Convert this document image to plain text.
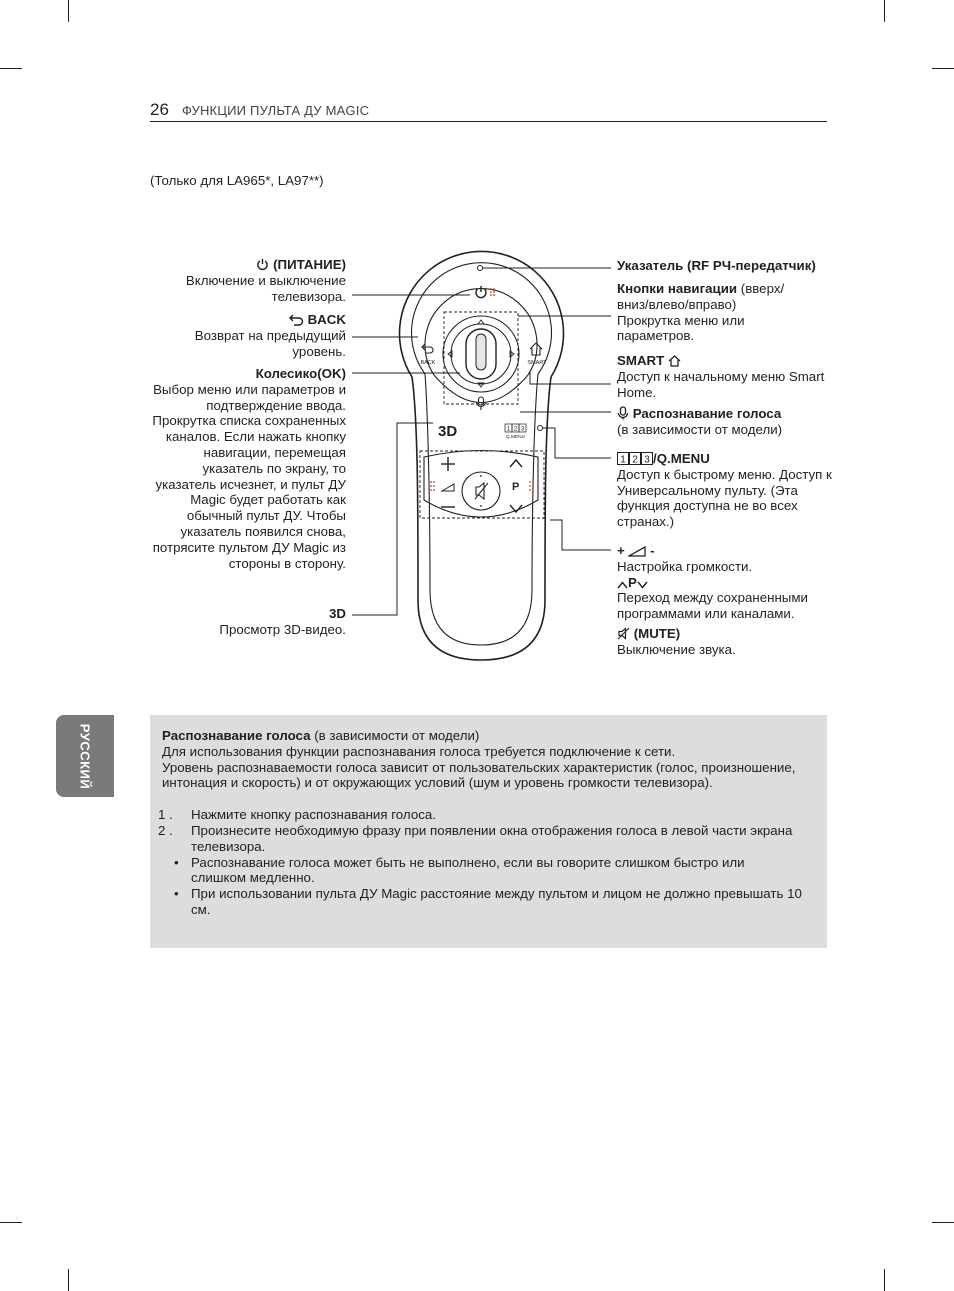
26 ФУНКЦИИ ПУЛЬТА ДУ MAGIC
(Только для LA965*, LA97**)
(ПИТАНИЕ)
Включение и выключение телевизора.
BACK
Возврат на предыдущий уровень.
Колесико(OK)
Выбор меню или параметров и подтверждение ввода. Прокрутка списка сохраненных каналов. Если нажать кнопку навигации, перемещая указатель по экрану, то указатель исчезнет, и пульт ДУ Magic будет работать как обычный пульт ДУ. Чтобы указатель появился снова, потрясите пультом ДУ Magic из стороны в сторону.
3D
Просмотр 3D-видео.
Указатель (RF РЧ-передатчик)
Кнопки навигации (вверх/ вниз/влево/вправо)
Прокрутка меню или параметров.
SMART
Доступ к начальному меню Smart Home.
Распознавание голоса
(в зависимости от модели)
1 2 3 /Q.MENU
Доступ к быстрому меню. Доступ к Универсальному пульту. (Эта функция доступна не во всех странах.)
+ -
Настройка громкости.
P
Переход между сохраненными программами или каналами.
(MUTE)
Выключение звука.
BACK	SMART
3D	1 2 3
Q.MENU
P
РУССКИЙ	Распознавание голоса (в зависимости от модели)

Для использования функции распознавания голоса требуется подключение к сети.

Уровень распознаваемости голоса зависит от пользовательских характеристик (голос, произношение, интонация и скорость) и от окружающих условий (шум и уровень громкости телевизора).

1 . Нажмите кнопку распознавания голоса.
2 . Произнесите необходимую фразу при появлении окна отображения голоса в левой части экрана телевизора.
• Распознавание голоса может быть не выполнено, если вы говорите слишком быстро или слишком медленно.
• При использовании пульта ДУ Magic расстояние между пультом и лицом не должно превышать 10 см.
